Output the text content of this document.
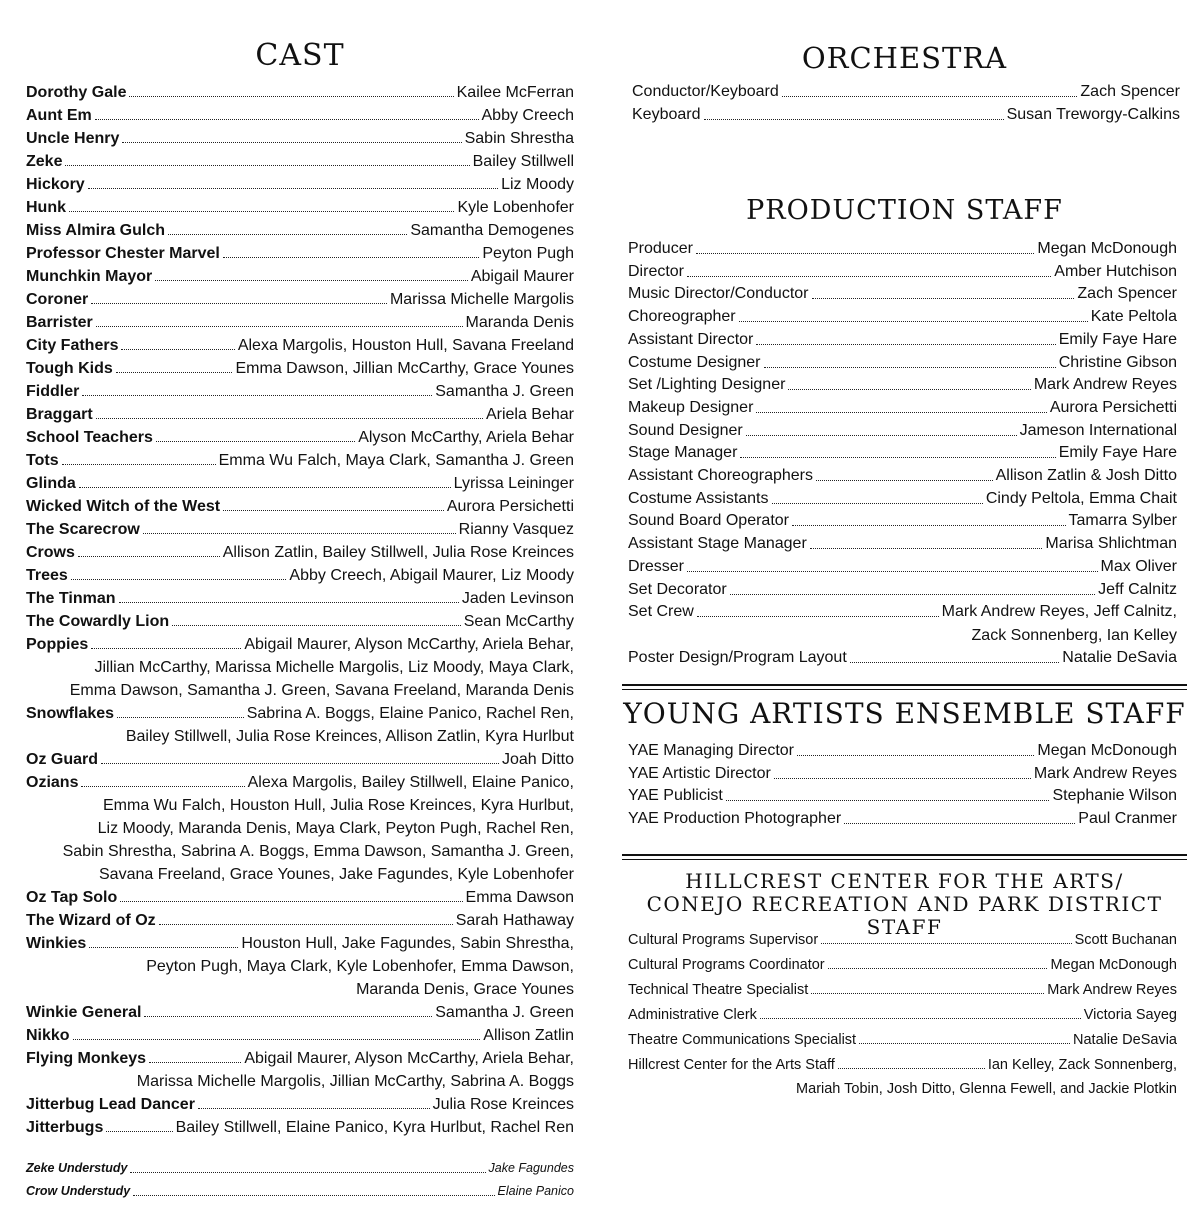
CAST
Dorothy Gale	Kailee McFerran
Aunt Em	Abby Creech
Uncle Henry	Sabin Shrestha
Zeke	Bailey Stillwell
Hickory	Liz Moody
Hunk	Kyle Lobenhofer
Miss Almira Gulch	Samantha Demogenes
Professor Chester Marvel	Peyton Pugh
Munchkin Mayor	Abigail Maurer
Coroner	Marissa Michelle Margolis
Barrister	Maranda Denis
City Fathers	Alexa Margolis, Houston Hull, Savana Freeland
Tough Kids	Emma Dawson, Jillian McCarthy, Grace Younes
Fiddler	Samantha J. Green
Braggart	Ariela Behar
School Teachers	Alyson McCarthy, Ariela Behar
Tots	Emma Wu Falch, Maya Clark, Samantha J. Green
Glinda	Lyrissa Leininger
Wicked Witch of the West	Aurora Persichetti
The Scarecrow	Rianny Vasquez
Crows	Allison Zatlin, Bailey Stillwell, Julia Rose Kreinces
Trees	Abby Creech, Abigail Maurer, Liz Moody
The Tinman	Jaden Levinson
The Cowardly Lion	Sean McCarthy
Poppies	Abigail Maurer, Alyson McCarthy, Ariela Behar,
Jillian McCarthy, Marissa Michelle Margolis, Liz Moody, Maya Clark,
Emma Dawson, Samantha J. Green, Savana Freeland, Maranda Denis
Snowflakes	Sabrina A. Boggs, Elaine Panico, Rachel Ren,
Bailey Stillwell, Julia Rose Kreinces, Allison Zatlin, Kyra Hurlbut
Oz Guard	Joah Ditto
Ozians	Alexa Margolis, Bailey Stillwell, Elaine Panico,
Emma Wu Falch, Houston Hull, Julia Rose Kreinces, Kyra Hurlbut,
Liz Moody, Maranda Denis, Maya Clark, Peyton Pugh, Rachel Ren,
Sabin Shrestha, Sabrina A. Boggs, Emma Dawson, Samantha J. Green,
Savana Freeland, Grace Younes, Jake Fagundes, Kyle Lobenhofer
Oz Tap Solo	Emma Dawson
The Wizard of Oz	Sarah Hathaway
Winkies	Houston Hull, Jake Fagundes, Sabin Shrestha,
Peyton Pugh, Maya Clark, Kyle Lobenhofer, Emma Dawson,
Maranda Denis, Grace Younes
Winkie General	Samantha J. Green
Nikko	Allison Zatlin
Flying Monkeys	Abigail Maurer, Alyson McCarthy, Ariela Behar,
Marissa Michelle Margolis, Jillian McCarthy, Sabrina A. Boggs
Jitterbug Lead Dancer	Julia Rose Kreinces
Jitterbugs	Bailey Stillwell, Elaine Panico, Kyra Hurlbut, Rachel Ren
Zeke Understudy	Jake Fagundes
Crow Understudy	Elaine Panico
ORCHESTRA
Conductor/Keyboard	Zach Spencer
Keyboard	Susan Treworgy-Calkins
PRODUCTION STAFF
Producer	Megan McDonough
Director	Amber Hutchison
Music Director/Conductor	Zach Spencer
Choreographer	Kate Peltola
Assistant Director	Emily Faye Hare
Costume Designer	Christine Gibson
Set /Lighting Designer	Mark Andrew Reyes
Makeup Designer	Aurora Persichetti
Sound Designer	Jameson International
Stage Manager	Emily Faye Hare
Assistant Choreographers	Allison Zatlin & Josh Ditto
Costume Assistants	Cindy Peltola, Emma Chait
Sound Board Operator	Tamarra Sylber
Assistant Stage Manager	Marisa Shlichtman
Dresser	Max Oliver
Set Decorator	Jeff Calnitz
Set Crew	Mark Andrew Reyes, Jeff Calnitz,
Zack Sonnenberg, Ian Kelley
Poster Design/Program Layout	Natalie DeSavia
YOUNG ARTISTS ENSEMBLE STAFF
YAE Managing Director	Megan McDonough
YAE Artistic Director	Mark Andrew Reyes
YAE Publicist	Stephanie Wilson
YAE Production Photographer	Paul Cranmer
HILLCREST CENTER FOR THE ARTS/
CONEJO RECREATION AND PARK DISTRICT STAFF
Cultural Programs Supervisor	Scott Buchanan
Cultural Programs Coordinator	Megan McDonough
Technical Theatre Specialist	Mark Andrew Reyes
Administrative Clerk	Victoria Sayeg
Theatre Communications Specialist	Natalie DeSavia
Hillcrest Center for the Arts Staff	Ian Kelley, Zack Sonnenberg,
Mariah Tobin, Josh Ditto, Glenna Fewell, and Jackie Plotkin
